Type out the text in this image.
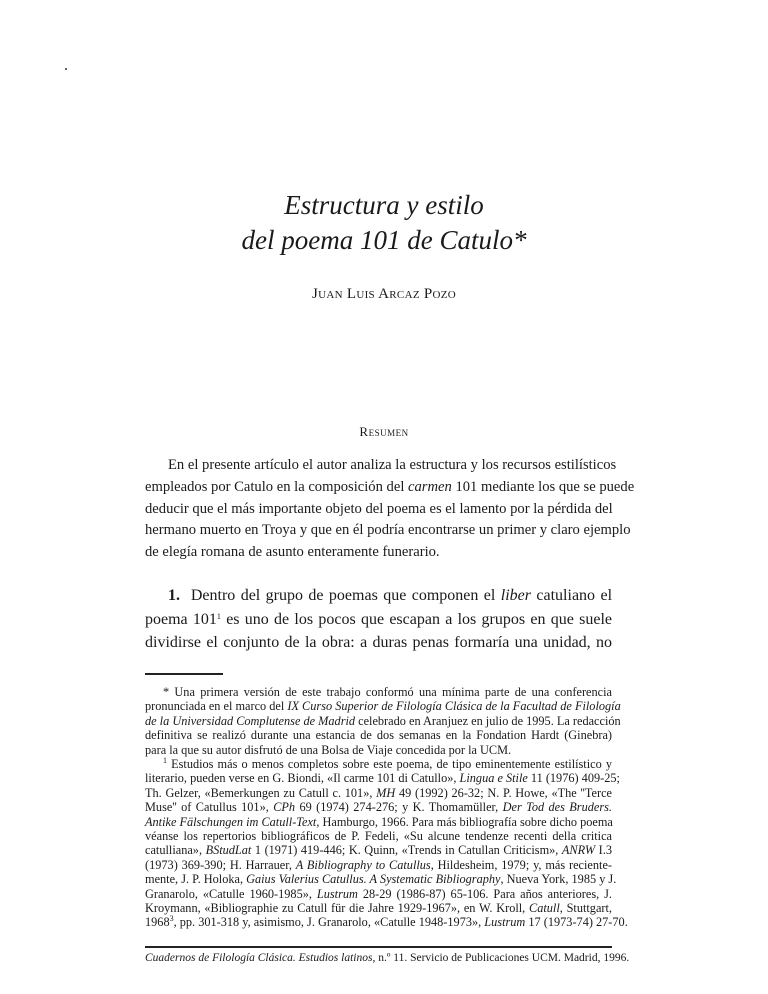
Estructura y estilo
del poema 101 de Catulo*
Juan Luis Arcaz Pozo
Resumen
En el presente artículo el autor analiza la estructura y los recursos estilísticos
empleados por Catulo en la composición del carmen 101 mediante los que se puede
deducir que el más importante objeto del poema es el lamento por la pérdida del
hermano muerto en Troya y que en él podría encontrarse un primer y claro ejemplo
de elegía romana de asunto enteramente funerario.
1.  Dentro del grupo de poemas que componen el liber catuliano el
poema $101^1$ es uno de los pocos que escapan a los grupos en que suele
dividirse el conjunto de la obra: a duras penas formaría una unidad, no
* Una primera versión de este trabajo conformó una mínima parte de una conferencia
pronunciada en el marco del IX Curso Superior de Filología Clásica de la Facultad de Filología
de la Universidad Complutense de Madrid celebrado en Aranjuez en julio de 1995. La redacción
definitiva se realizó durante una estancia de dos semanas en la Fondation Hardt (Ginebra)
para la que su autor disfrutó de una Bolsa de Viaje concedida por la UCM.
$^1$ Estudios más o menos completos sobre este poema, de tipo eminentemente estilístico y
literario, pueden verse en G. Biondi, «Il carme 101 di Catullo», Lingua e Stile 11 (1976) 409-25;
Th. Gelzer, «Bemerkungen zu Catull c. 101», MH 49 (1992) 26-32; N. P. Howe, «The ''Terce
Muse'' of Catullus 101», CPh 69 (1974) 274-276; y K. Thomamüller, Der Tod des Bruders.
Antike Fälschungen im Catull-Text, Hamburgo, 1966. Para más bibliografía sobre dicho poema
véanse los repertorios bibliográficos de P. Fedeli, «Su alcune tendenze recenti della critica
catulliana», BStudLat 1 (1971) 419-446; K. Quinn, «Trends in Catullan Criticism», ANRW I.3
(1973) 369-390; H. Harrauer, A Bibliography to Catullus, Hildesheim, 1979; y, más reciente-
mente, J. P. Holoka, Gaius Valerius Catullus. A Systematic Bibliography, Nueva York, 1985 y J.
Granarolo, «Catulle 1960-1985», Lustrum 28-29 (1986-87) 65-106. Para años anteriores, J.
Kroymann, «Bibliographie zu Catull für die Jahre 1929-1967», en W. Kroll, Catull, Stuttgart,
1968$^3$, pp. 301-318 y, asimismo, J. Granarolo, «Catulle 1948-1973», Lustrum 17 (1973-74) 27-70.
Cuadernos de Filología Clásica. Estudios latinos, n.º 11. Servicio de Publicaciones UCM. Madrid, 1996.
